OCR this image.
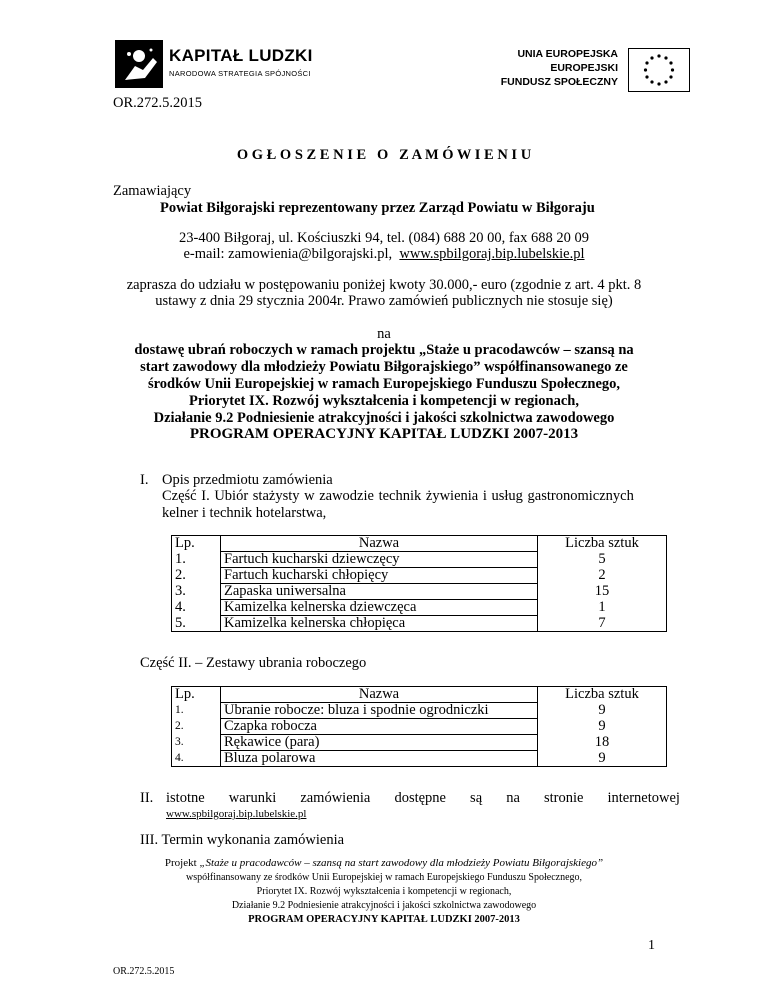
KAPITAŁ LUDZKI
NARODOWA STRATEGIA SPÓJNOŚCI
UNIA EUROPEJSKA
EUROPEJSKI
FUNDUSZ SPOŁECZNY
OR.272.5.2015
O G Ł O S Z E N I E   O   Z A M Ó W I E N I U
Zamawiający
Powiat Biłgorajski reprezentowany przez Zarząd Powiatu w Biłgoraju
23-400 Biłgoraj, ul. Kościuszki 94, tel. (084) 688 20 00, fax 688 20 09
e-mail: zamowienia@bilgorajski.pl, www.spbilgoraj.bip.lubelskie.pl
zaprasza do udziału w postępowaniu poniżej kwoty 30.000,- euro (zgodnie z art. 4 pkt. 8
ustawy z dnia 29 stycznia 2004r. Prawo zamówień publicznych nie stosuje się)
na
dostawę ubrań roboczych w ramach projektu „Staże u pracodawców – szansą na
start zawodowy dla młodzieży Powiatu Biłgorajskiego” współfinansowanego ze
środków Unii Europejskiej w ramach Europejskiego Funduszu Społecznego,
Priorytet IX. Rozwój wykształcenia i kompetencji w regionach,
Działanie 9.2 Podniesienie atrakcyjności i jakości szkolnictwa zawodowego
PROGRAM OPERACYJNY KAPITAŁ LUDZKI 2007-2013
I. Opis przedmiotu zamówienia
Część I. Ubiór stażysty w zawodzie technik żywienia i usług gastronomicznych
kelner i technik hotelarstwa,
Lp.	Nazwa	Liczba sztuk
1.	Fartuch kucharski dziewczęcy	5
2.	Fartuch kucharski chłopięcy	2
3.	Zapaska uniwersalna	15
4.	Kamizelka kelnerska dziewczęca	1
5.	Kamizelka kelnerska chłopięca	7
Część II. – Zestawy ubrania roboczego
Lp.	Nazwa	Liczba sztuk
1.	Ubranie robocze: bluza i spodnie ogrodniczki	9
2.	Czapka robocza	9
3.	Rękawice (para)	18
4.	Bluza polarowa	9
II. istotne warunki zamówienia dostępne są na stronie internetowej
www.spbilgoraj.bip.lubelskie.pl
III. Termin wykonania zamówienia
Projekt „Staże u pracodawców – szansą na start zawodowy dla młodzieży Powiatu Biłgorajskiego”
współfinansowany ze środków Unii Europejskiej w ramach Europejskiego Funduszu Społecznego,
Priorytet IX. Rozwój wykształcenia i kompetencji w regionach,
Działanie 9.2 Podniesienie atrakcyjności i jakości szkolnictwa zawodowego
PROGRAM OPERACYJNY KAPITAŁ LUDZKI 2007-2013
1
OR.272.5.2015
